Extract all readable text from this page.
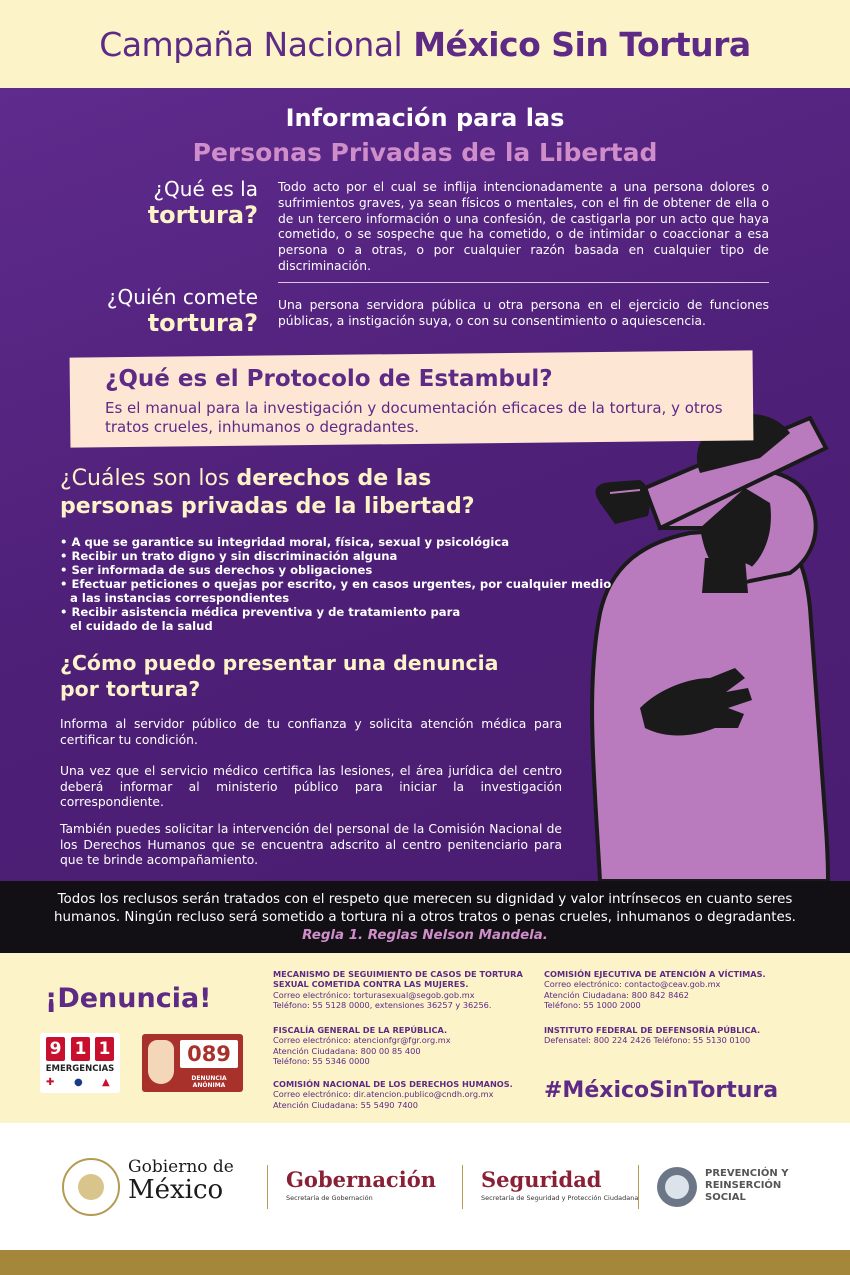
Campaña Nacional México Sin Tortura
Información para las
Personas Privadas de la Libertad
¿Qué es la
tortura?
Todo acto por el cual se inflija intencionadamente a una persona dolores o sufrimientos graves, ya sean físicos o mentales, con el fin de obtener de ella o de un tercero información o una confesión, de castigarla por un acto que haya cometido, o se sospeche que ha cometido, o de intimidar o coaccionar a esa persona o a otras, o por cualquier razón basada en cualquier tipo de discriminación.
¿Quién comete
tortura?
Una persona servidora pública u otra persona en el ejercicio de funciones públicas, a instigación suya, o con su consentimiento o aquiescencia.
¿Qué es el Protocolo de Estambul?
Es el manual para la investigación y documentación eficaces de la tortura, y otros tratos crueles, inhumanos o degradantes.
¿Cuáles son los derechos de las
personas privadas de la libertad?
• A que se garantice su integridad moral, física, sexual y psicológica
• Recibir un trato digno y sin discriminación alguna
• Ser informada de sus derechos y obligaciones
• Efectuar peticiones o quejas por escrito, y en casos urgentes, por cualquier medio a las instancias correspondientes
• Recibir asistencia médica preventiva y de tratamiento para el cuidado de la salud
¿Cómo puedo presentar una denuncia
por tortura?
Informa al servidor público de tu confianza y solicita atención médica para certificar tu condición.
Una vez que el servicio médico certifica las lesiones, el área jurídica del centro deberá informar al ministerio público para iniciar la investigación correspondiente.
También puedes solicitar la intervención del personal de la Comisión Nacional de los Derechos Humanos que se encuentra adscrito al centro penitenciario para que te brinde acompañamiento.

Todos los reclusos serán tratados con el respeto que merecen su dignidad y valor intrínsecos en cuanto seres humanos. Ningún recluso será sometido a tortura ni a otros tratos o penas crueles, inhumanos o degradantes. Regla 1. Reglas Nelson Mandela.

¡Denuncia!
9 1 1
EMERGENCIAS
✚ ● ▲
089
DENUNCIA ANÓNIMA
MECANISMO DE SEGUIMIENTO DE CASOS DE TORTURA SEXUAL COMETIDA CONTRA LAS MUJERES.
Correo electrónico: torturasexual@segob.gob.mx
Teléfono: 55 5128 0000, extensiones 36257 y 36256.
FISCALÍA GENERAL DE LA REPÚBLICA.
Correo electrónico: atencionfgr@fgr.org.mx
Atención Ciudadana: 800 00 85 400
Teléfono: 55 5346 0000
COMISIÓN NACIONAL DE LOS DERECHOS HUMANOS.
Correo electrónico: dir.atencion.publico@cndh.org.mx
Atención Ciudadana: 55 5490 7400
COMISIÓN EJECUTIVA DE ATENCIÓN A VÍCTIMAS.
Correo electrónico: contacto@ceav.gob.mx
Atención Ciudadana: 800 842 8462
Teléfono: 55 1000 2000
INSTITUTO FEDERAL DE DEFENSORÍA PÚBLICA.
Defensatel: 800 224 2426 Teléfono: 55 5130 0100
#MéxicoSinTortura
Gobierno de
México	Gobernación
Secretaría de Gobernación
Seguridad
Secretaría de Seguridad y Protección Ciudadana
PREVENCIÓN Y
REINSERCIÓN
SOCIAL
